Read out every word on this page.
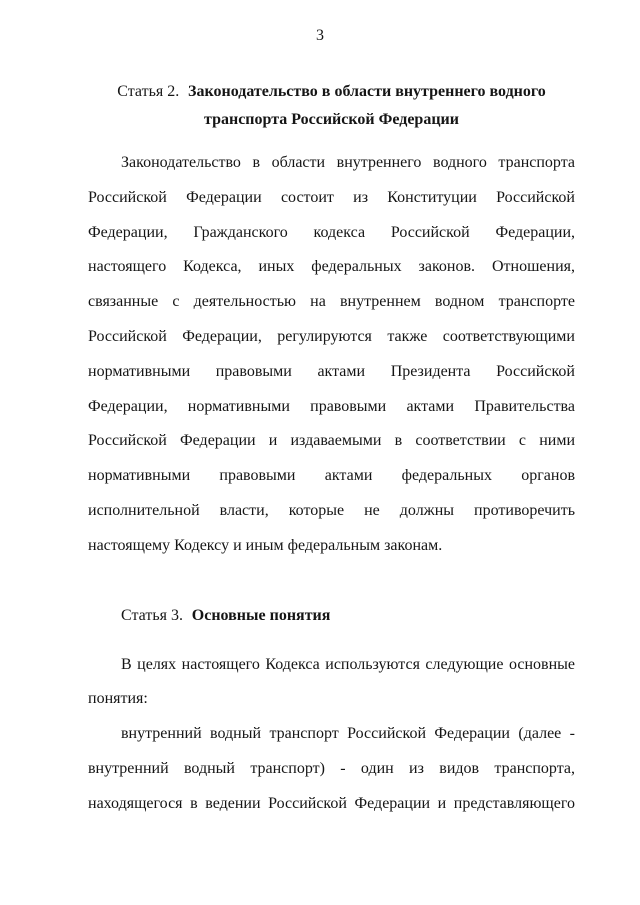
3
Статья 2. Законодательство в области внутреннего водного
транспорта Российской Федерации
Законодательство в области внутреннего водного транспорта
Российской Федерации состоит из Конституции Российской
Федерации, Гражданского кодекса Российской Федерации,
настоящего Кодекса, иных федеральных законов. Отношения,
связанные с деятельностью на внутреннем водном транспорте
Российской Федерации, регулируются также соответствующими
нормативными правовыми актами Президента Российской
Федерации, нормативными правовыми актами Правительства
Российской Федерации и издаваемыми в соответствии с ними
нормативными правовыми актами федеральных органов
исполнительной власти, которые не должны противоречить
настоящему Кодексу и иным федеральным законам.
Статья 3. Основные понятия
В целях настоящего Кодекса используются следующие основные
понятия:
внутренний водный транспорт Российской Федерации (далее -
внутренний водный транспорт) - один из видов транспорта,
находящегося в ведении Российской Федерации и представляющего
